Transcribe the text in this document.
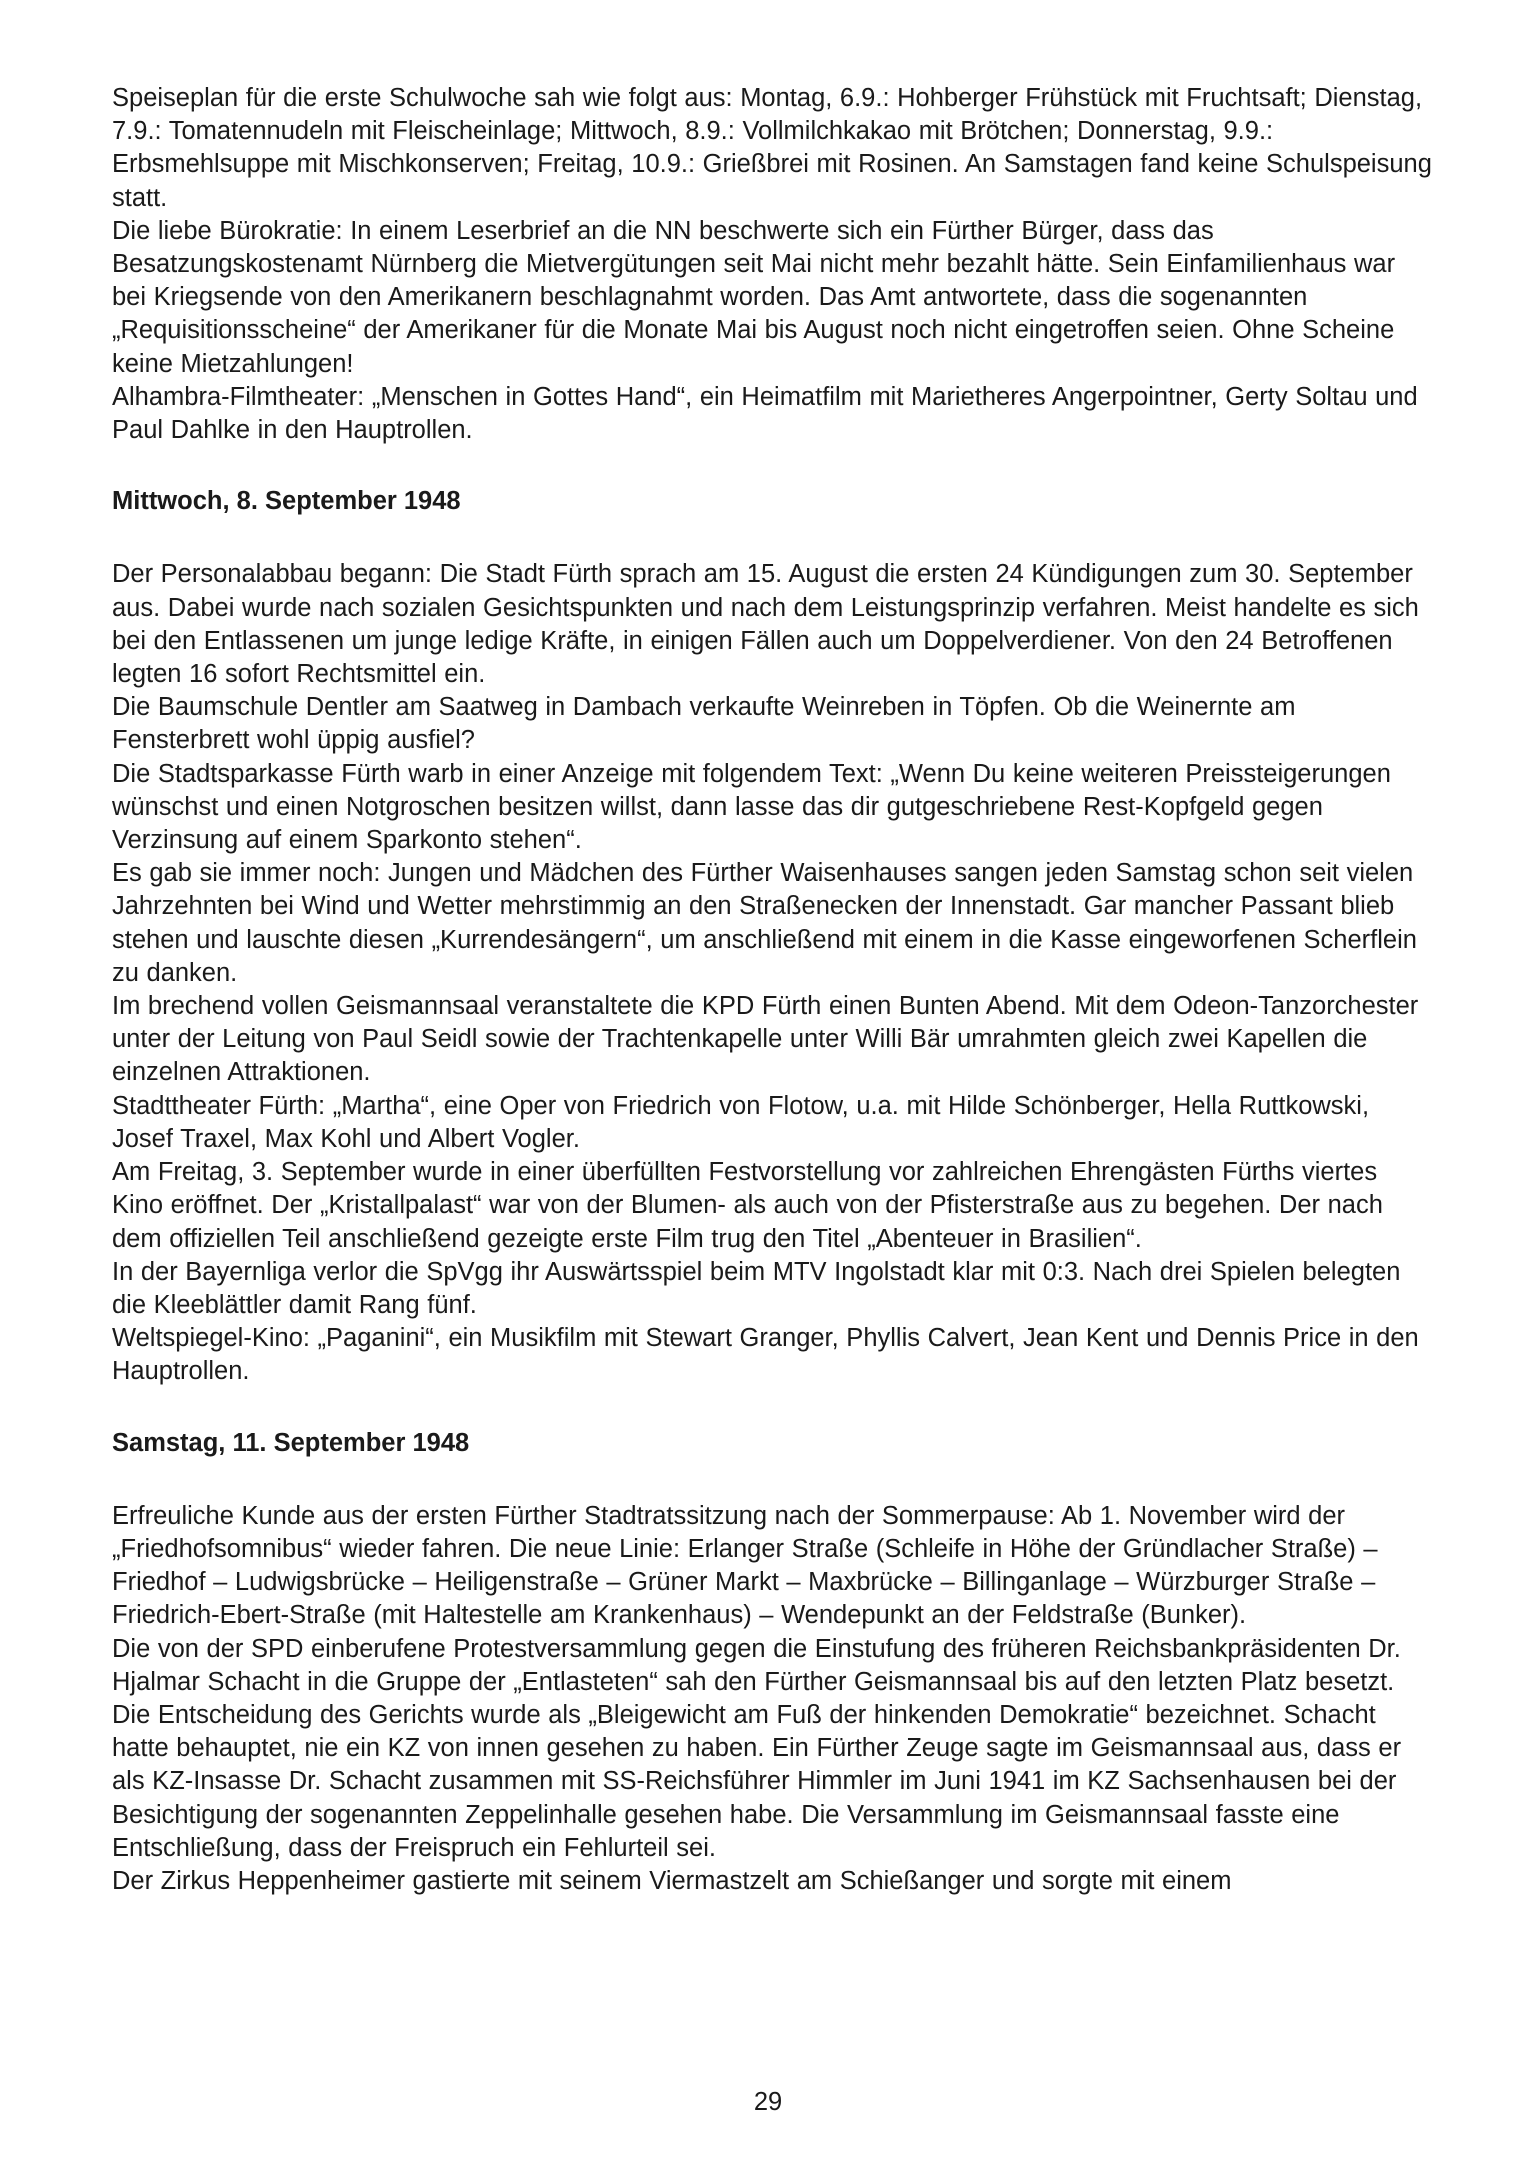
Speiseplan für die erste Schulwoche sah wie folgt aus: Montag, 6.9.: Hohberger Frühstück mit Fruchtsaft; Dienstag, 7.9.: Tomatennudeln mit Fleischeinlage; Mittwoch, 8.9.: Vollmilchkakao mit Brötchen; Donnerstag, 9.9.: Erbsmehlsuppe mit Mischkonserven; Freitag, 10.9.: Grießbrei mit Rosinen. An Samstagen fand keine Schulspeisung statt.

Die liebe Bürokratie: In einem Leserbrief an die NN beschwerte sich ein Fürther Bürger, dass das Besatzungskostenamt Nürnberg die Mietvergütungen seit Mai nicht mehr bezahlt hätte. Sein Einfamilienhaus war bei Kriegsende von den Amerikanern beschlagnahmt worden. Das Amt antwortete, dass die sogenannten „Requisitionsscheine“ der Amerikaner für die Monate Mai bis August noch nicht eingetroffen seien. Ohne Scheine keine Mietzahlungen!

Alhambra-Filmtheater: „Menschen in Gottes Hand“, ein Heimatfilm mit Marietheres Angerpointner, Gerty Soltau und Paul Dahlke in den Hauptrollen.

Mittwoch, 8. September 1948

Der Personalabbau begann: Die Stadt Fürth sprach am 15. August die ersten 24 Kündigungen zum 30. September aus. Dabei wurde nach sozialen Gesichtspunkten und nach dem Leistungsprinzip verfahren. Meist handelte es sich bei den Entlassenen um junge ledige Kräfte, in einigen Fällen auch um Doppelverdiener. Von den 24 Betroffenen legten 16 sofort Rechtsmittel ein.

Die Baumschule Dentler am Saatweg in Dambach verkaufte Weinreben in Töpfen. Ob die Weinernte am Fensterbrett wohl üppig ausfiel?

Die Stadtsparkasse Fürth warb in einer Anzeige mit folgendem Text: „Wenn Du keine weiteren Preissteigerungen wünschst und einen Notgroschen besitzen willst, dann lasse das dir gutgeschriebene Rest-Kopfgeld gegen Verzinsung auf einem Sparkonto stehen“.

Es gab sie immer noch: Jungen und Mädchen des Fürther Waisenhauses sangen jeden Samstag schon seit vielen Jahrzehnten bei Wind und Wetter mehrstimmig an den Straßenecken der Innenstadt. Gar mancher Passant blieb stehen und lauschte diesen „Kurrendesängern“, um anschließend mit einem in die Kasse eingeworfenen Scherflein zu danken.

Im brechend vollen Geismannsaal veranstaltete die KPD Fürth einen Bunten Abend. Mit dem Odeon-Tanzorchester unter der Leitung von Paul Seidl sowie der Trachtenkapelle unter Willi Bär umrahmten gleich zwei Kapellen die einzelnen Attraktionen.

Stadttheater Fürth: „Martha“, eine Oper von Friedrich von Flotow, u.a. mit Hilde Schönberger, Hella Ruttkowski, Josef Traxel, Max Kohl und Albert Vogler.

Am Freitag, 3. September wurde in einer überfüllten Festvorstellung vor zahlreichen Ehrengästen Fürths viertes Kino eröffnet. Der „Kristallpalast“ war von der Blumen- als auch von der Pfisterstraße aus zu begehen. Der nach dem offiziellen Teil anschließend gezeigte erste Film trug den Titel „Abenteuer in Brasilien“.

In der Bayernliga verlor die SpVgg ihr Auswärtsspiel beim MTV Ingolstadt klar mit 0:3. Nach drei Spielen belegten die Kleeblättler damit Rang fünf.

Weltspiegel-Kino: „Paganini“, ein Musikfilm mit Stewart Granger, Phyllis Calvert, Jean Kent und Dennis Price in den Hauptrollen.

Samstag, 11. September 1948

Erfreuliche Kunde aus der ersten Fürther Stadtratssitzung nach der Sommerpause: Ab 1. November wird der „Friedhofsomnibus“ wieder fahren. Die neue Linie: Erlanger Straße (Schleife in Höhe der Gründlacher Straße) – Friedhof – Ludwigsbrücke – Heiligenstraße – Grüner Markt – Maxbrücke – Billinganlage – Würzburger Straße – Friedrich-Ebert-Straße (mit Haltestelle am Krankenhaus) – Wendepunkt an der Feldstraße (Bunker).

Die von der SPD einberufene Protestversammlung gegen die Einstufung des früheren Reichsbankpräsidenten Dr. Hjalmar Schacht in die Gruppe der „Entlasteten“ sah den Fürther Geismannsaal bis auf den letzten Platz besetzt. Die Entscheidung des Gerichts wurde als „Bleigewicht am Fuß der hinkenden Demokratie“ bezeichnet. Schacht hatte behauptet, nie ein KZ von innen gesehen zu haben. Ein Fürther Zeuge sagte im Geismannsaal aus, dass er als KZ-Insasse Dr. Schacht zusammen mit SS-Reichsführer Himmler im Juni 1941 im KZ Sachsenhausen bei der Besichtigung der sogenannten Zeppelinhalle gesehen habe. Die Versammlung im Geismannsaal fasste eine Entschließung, dass der Freispruch ein Fehlurteil sei.

Der Zirkus Heppenheimer gastierte mit seinem Viermastzelt am Schießanger und sorgte mit einem

29
